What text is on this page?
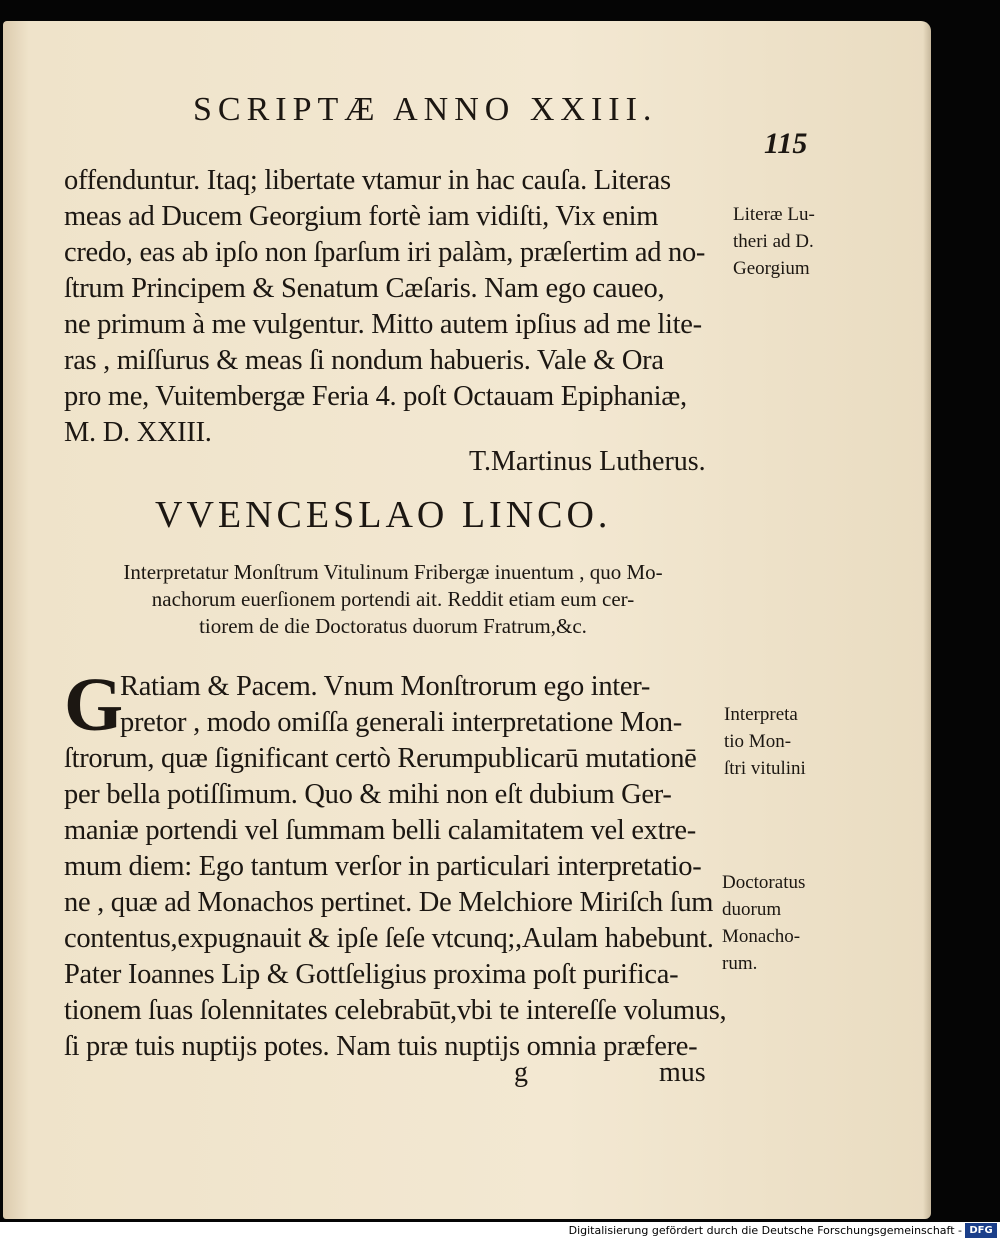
SCRIPTÆ ANNO XXIII.
115
offenduntur. Itaq; libertate vtamur in hac cauſa. Literas
meas ad Ducem Georgium fortè iam vidiſti, Vix enim
credo, eas ab ipſo non ſparſum iri palàm, præſertim ad no-
ſtrum Principem & Senatum Cæſaris. Nam ego caueo,
ne primum à me vulgentur. Mitto autem ipſius ad me lite-
ras , miſſurus & meas ſi nondum habueris. Vale & Ora
pro me, Vuitembergæ Feria 4. poſt Octauam Epiphaniæ,
M. D. XXIII.
T.Martinus Lutherus.
VVENCESLAO LINCO.
Interpretatur Monſtrum Vitulinum Fribergæ inuentum , quo Mo-
nachorum euerſionem portendi ait. Reddit etiam eum cer-
tiorem de die Doctoratus duorum Fratrum,&c.
G
Ratiam & Pacem. Vnum Monſtrorum ego inter-
pretor , modo omiſſa generali interpretatione Mon-
ſtrorum, quæ ſignificant certò Rerumpublicarū mutationē
per bella potiſſimum. Quo & mihi non eſt dubium Ger-
maniæ portendi vel ſummam belli calamitatem vel extre-
mum diem: Ego tantum verſor in particulari interpretatio-
ne , quæ ad Monachos pertinet. De Melchiore Miriſch ſum
contentus,expugnauit & ipſe ſeſe vtcunq;,Aulam habebunt.
Pater Ioannes Lip & Gottſeligius proxima poſt purifica-
tionem ſuas ſolennitates celebrabūt,vbi te intereſſe volumus,
ſi præ tuis nuptijs potes. Nam tuis nuptijs omnia præfere-
g	mus
Literæ Lu-
theri ad D.
Georgium
Interpreta
tio Mon-
ſtri vitulini
Doctoratus
duorum
Monacho-
rum.
Digitalisierung gefördert durch die Deutsche Forschungsgemeinschaft - DFG
